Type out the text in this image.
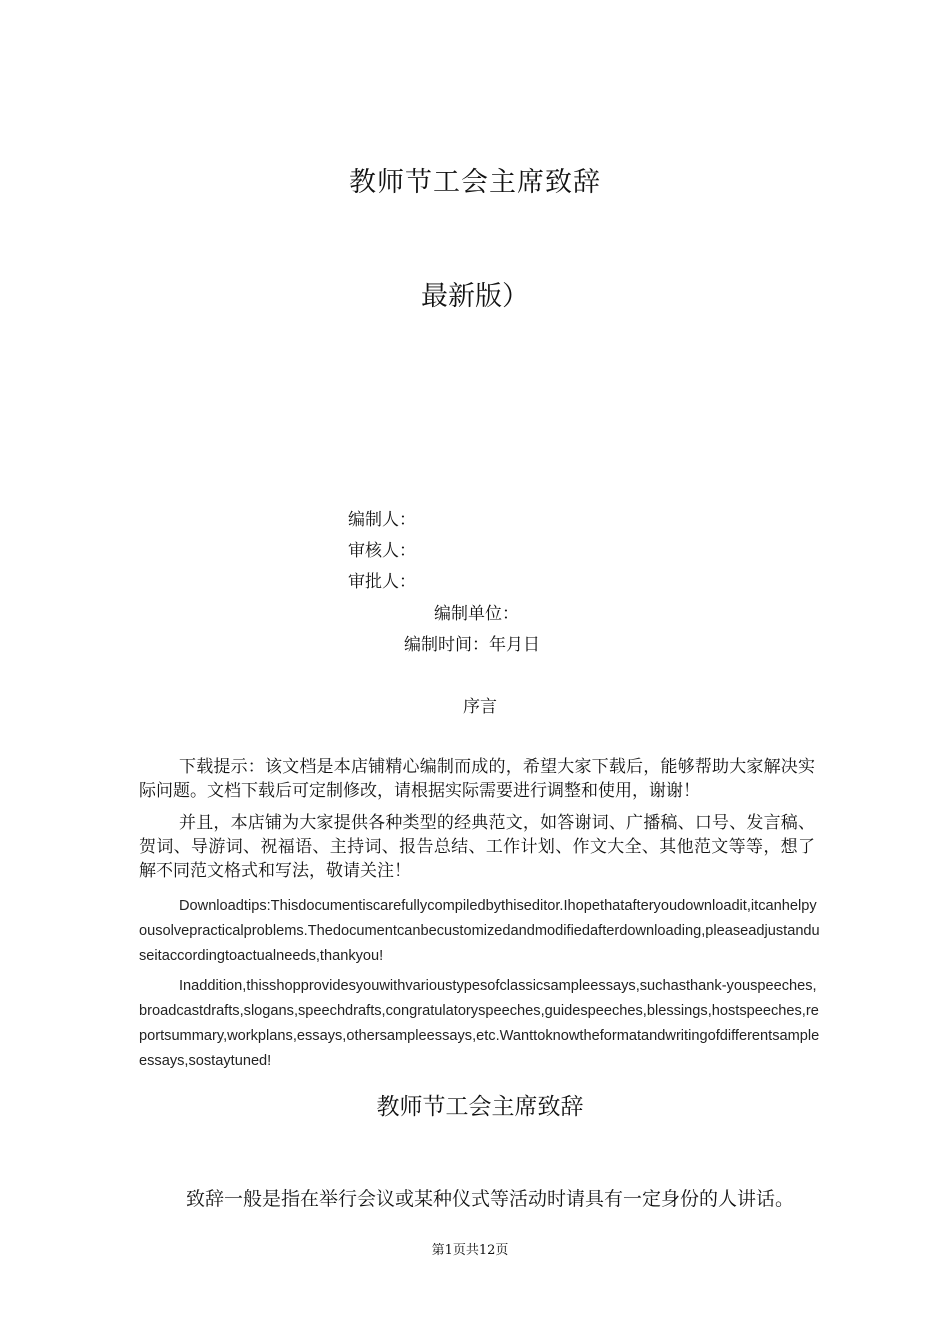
教师节工会主席致辞
最新版）
编制人：
审核人：
审批人：
编制单位：
编制时间：年月日
序言

下载提示：该文档是本店铺精心编制而成的，希望大家下载后，能够帮助大家解决实际问题。文档下载后可定制修改，请根据实际需要进行调整和使用，谢谢！

并且，本店铺为大家提供各种类型的经典范文，如答谢词、广播稿、口号、发言稿、贺词、导游词、祝福语、主持词、报告总结、工作计划、作文大全、其他范文等等，想了解不同范文格式和写法，敬请关注！

Downloadtips:Thisdocumentiscarefullycompiledbythiseditor.Ihopethatafteryoudownloadit,itcanhelpyousolvepracticalproblems.Thedocumentcanbecustomizedandmodifiedafterdownloading,pleaseadjustanduseitaccordingtoactualneeds,thankyou!

Inaddition,thisshopprovidesyouwithvarioustypesofclassicsampleessays,suchasthank-youspeeches,broadcastdrafts,slogans,speechdrafts,congratulatoryspeeches,guidespeeches,blessings,hostspeeches,reportsummary,workplans,essays,othersampleessays,etc.Wanttoknowtheformatandwritingofdifferentsampleessays,sostaytuned!

教师节工会主席致辞
致辞一般是指在举行会议或某种仪式等活动时请具有一定身份的人讲话。
第1页共12页
